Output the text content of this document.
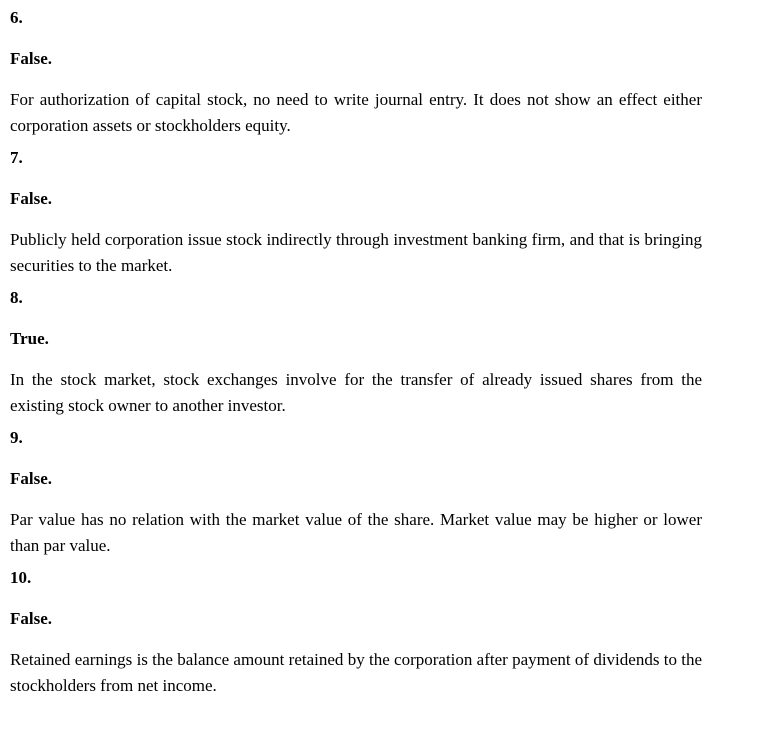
6.
False.
For authorization of capital stock, no need to write journal entry. It does not show an effect either corporation assets or stockholders equity.
7.
False.
Publicly held corporation issue stock indirectly through investment banking firm, and that is bringing securities to the market.
8.
True.
In the stock market, stock exchanges involve for the transfer of already issued shares from the existing stock owner to another investor.
9.
False.
Par value has no relation with the market value of the share. Market value may be higher or lower than par value.
10.
False.
Retained earnings is the balance amount retained by the corporation after payment of dividends to the stockholders from net income.
